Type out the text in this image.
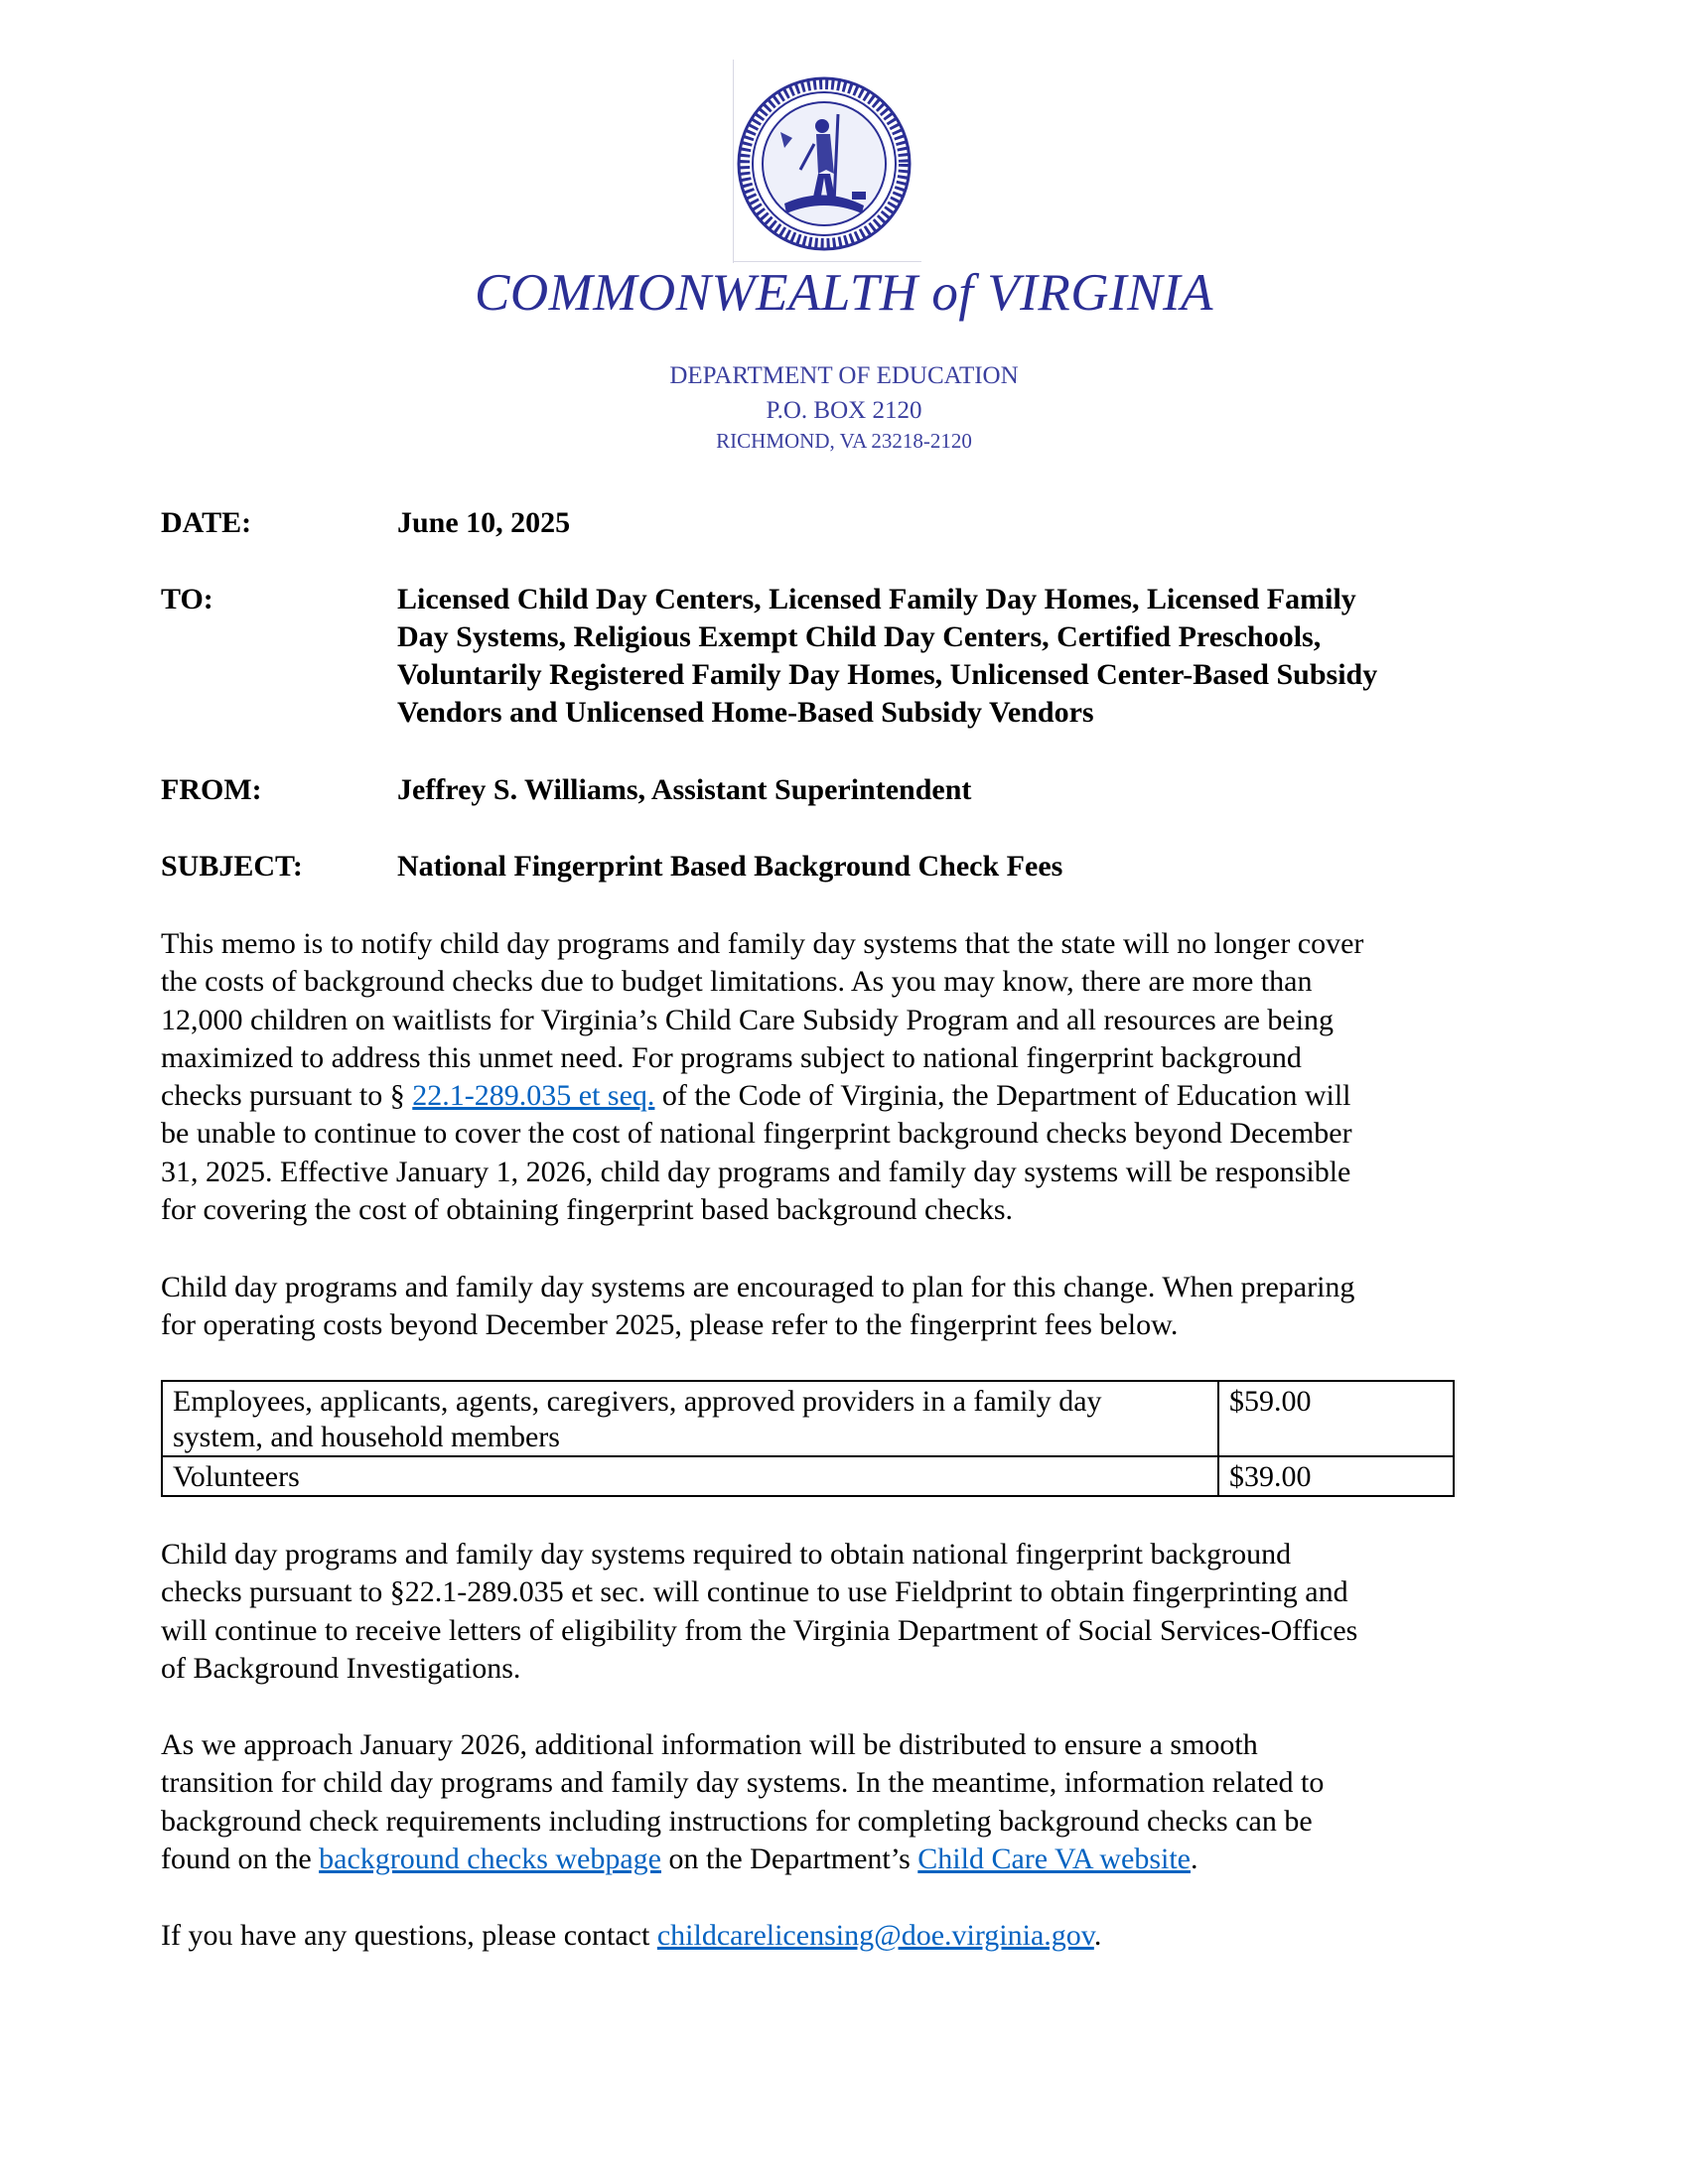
COMMONWEALTH of VIRGINIA
DEPARTMENT OF EDUCATION
P.O. BOX 2120
RICHMOND, VA 23218-2120
DATE:	June 10, 2025
TO:	Licensed Child Day Centers, Licensed Family Day Homes, Licensed Family
Day Systems, Religious Exempt Child Day Centers, Certified Preschools,
Voluntarily Registered Family Day Homes, Unlicensed Center-Based Subsidy
Vendors and Unlicensed Home-Based Subsidy Vendors
FROM:	Jeffrey S. Williams, Assistant Superintendent
SUBJECT:	National Fingerprint Based Background Check Fees

This memo is to notify child day programs and family day systems that the state will no longer cover

the costs of background checks due to budget limitations. As you may know, there are more than

12,000 children on waitlists for Virginia’s Child Care Subsidy Program and all resources are being

maximized to address this unmet need. For programs subject to national fingerprint background

checks pursuant to § 22.1-289.035 et seq. of the Code of Virginia, the Department of Education will

be unable to continue to cover the cost of national fingerprint background checks beyond December

31, 2025. Effective January 1, 2026, child day programs and family day systems will be responsible

for covering the cost of obtaining fingerprint based background checks.

Child day programs and family day systems are encouraged to plan for this change. When preparing

for operating costs beyond December 2025, please refer to the fingerprint fees below.

Employees, applicants, agents, caregivers, approved providers in a family day
system, and household members	$59.00

Volunteers	$39.00

Child day programs and family day systems required to obtain national fingerprint background

checks pursuant to §22.1-289.035 et sec. will continue to use Fieldprint to obtain fingerprinting and

will continue to receive letters of eligibility from the Virginia Department of Social Services-Offices

of Background Investigations.

As we approach January 2026, additional information will be distributed to ensure a smooth

transition for child day programs and family day systems. In the meantime, information related to

background check requirements including instructions for completing background checks can be

found on the background checks webpage on the Department’s Child Care VA website.

If you have any questions, please contact childcarelicensing@doe.virginia.gov.
